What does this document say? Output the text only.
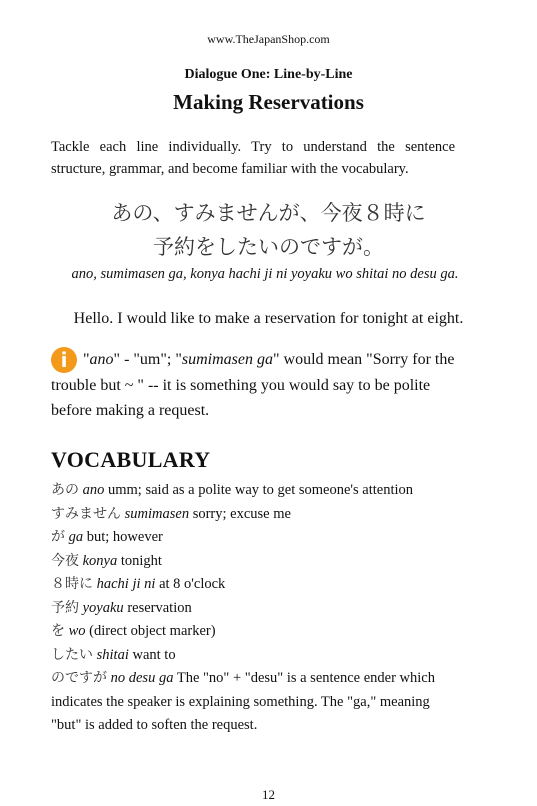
www.TheJapanShop.com
Dialogue One: Line-by-Line
Making Reservations
Tackle each line individually. Try to understand the sentence structure, grammar, and become familiar with the vocabulary.
あの、すみませんが、今夜８時に
予約をしたいのですが。
ano, sumimasen ga, konya hachi ji ni yoyaku wo shitai no desu ga.
Hello. I would like to make a reservation for tonight at eight.
i "ano" - "um"; "sumimasen ga" would mean "Sorry for the trouble but ~ " -- it is something you would say to be polite before making a request.
VOCABULARY
あの ano umm; said as a polite way to get someone's attention
すみません sumimasen sorry; excuse me
が ga but; however
今夜 konya tonight
８時に hachi ji ni at 8 o'clock
予約 yoyaku reservation
を wo (direct object marker)
したい shitai want to
のですが no desu ga The "no" + "desu" is a sentence ender which indicates the speaker is explaining something. The "ga," meaning "but" is added to soften the request.
12
